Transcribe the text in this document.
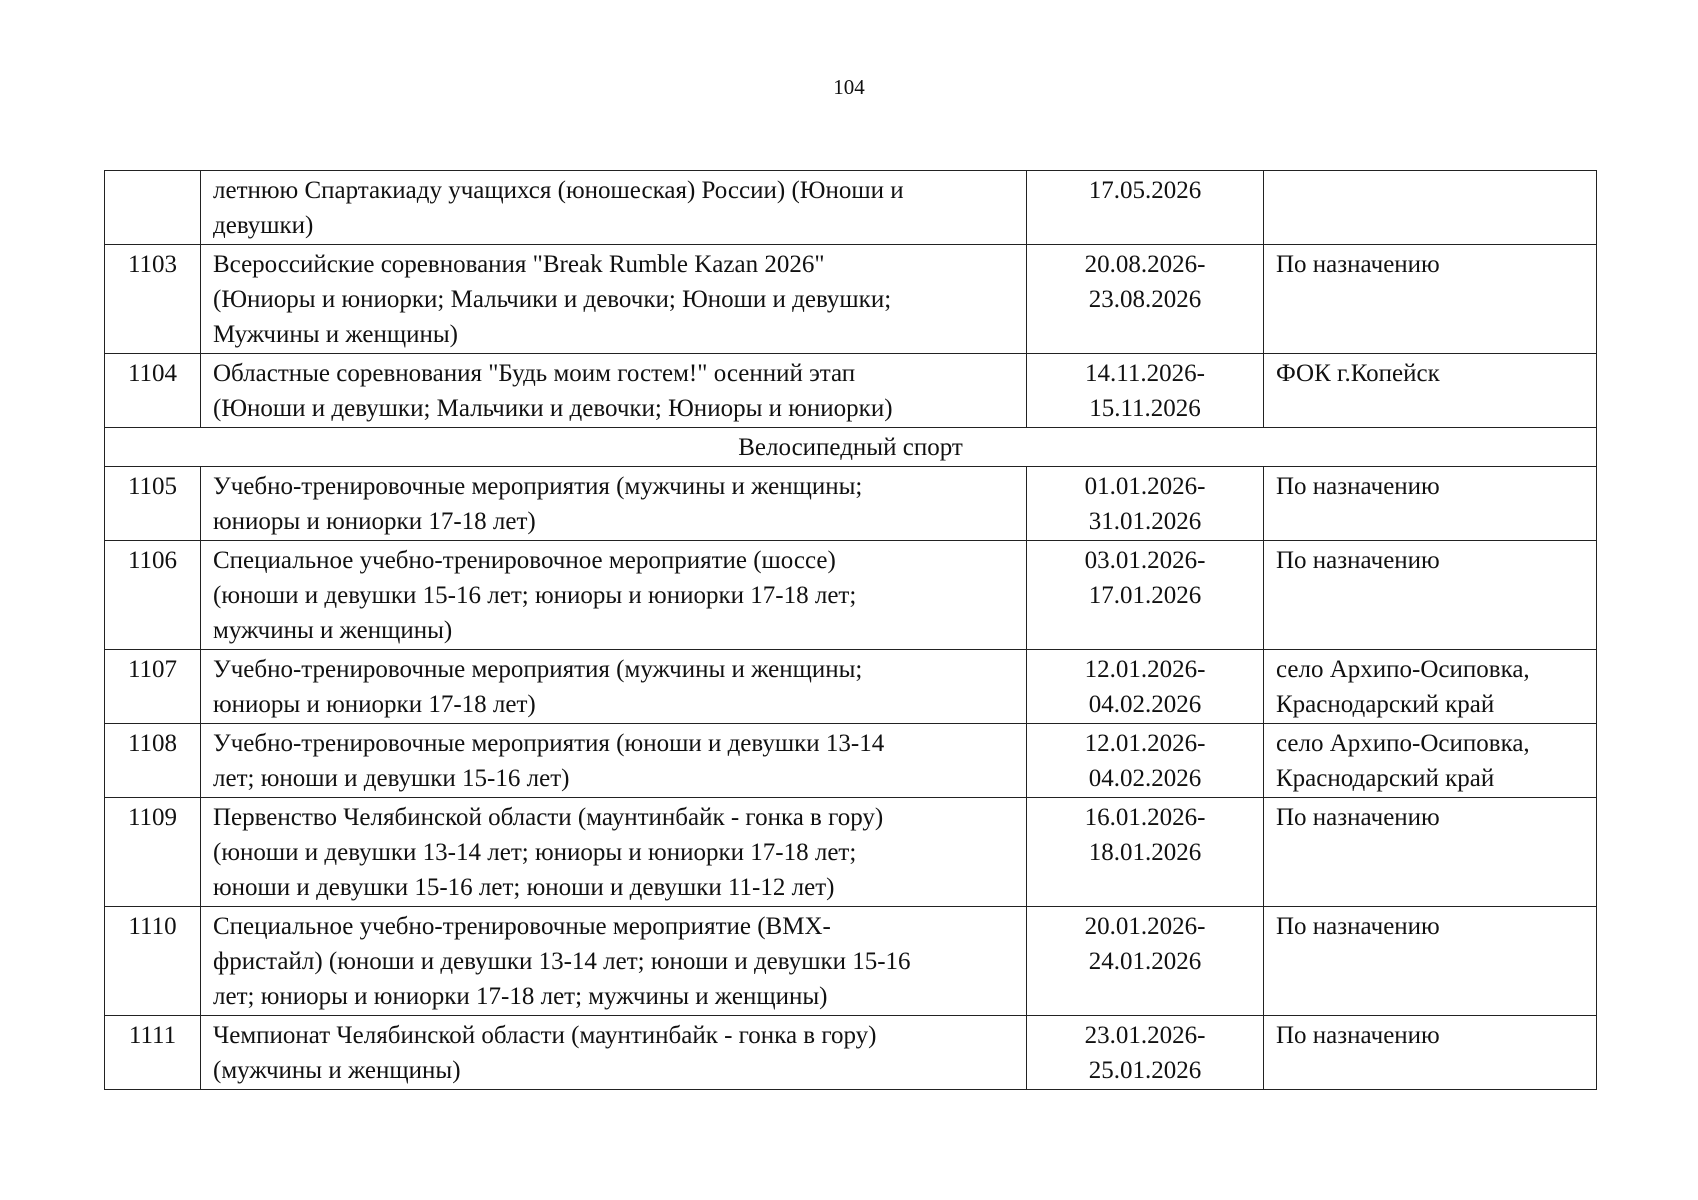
104

	летнюю Спартакиаду учащихся (юношеская) России) (Юноши и
девушки)	17.05.2026	

1103	Всероссийские соревнования "Break Rumble Kazan 2026"
(Юниоры и юниорки; Мальчики и девочки; Юноши и девушки;
Мужчины и женщины)	20.08.2026-
23.08.2026	По назначению

1104	Областные соревнования "Будь моим гостем!" осенний этап
(Юноши и девушки; Мальчики и девочки; Юниоры и юниорки)	14.11.2026-
15.11.2026	ФОК г.Копейск

Велосипедный спорт			
1105	Учебно-тренировочные мероприятия (мужчины и женщины;
юниоры и юниорки 17-18 лет)	01.01.2026-
31.01.2026	По назначению

1106	Специальное учебно-тренировочное мероприятие (шоссе)
(юноши и девушки 15-16 лет; юниоры и юниорки 17-18 лет;
мужчины и женщины)	03.01.2026-
17.01.2026	По назначению

1107	Учебно-тренировочные мероприятия (мужчины и женщины;
юниоры и юниорки 17-18 лет)	12.01.2026-
04.02.2026	село Архипо-Осиповка,
Краснодарский край

1108	Учебно-тренировочные мероприятия (юноши и девушки 13-14
лет; юноши и девушки 15-16 лет)	12.01.2026-
04.02.2026	село Архипо-Осиповка,
Краснодарский край

1109	Первенство Челябинской области (маунтинбайк - гонка в гору)
(юноши и девушки 13-14 лет; юниоры и юниорки 17-18 лет;
юноши и девушки 15-16 лет; юноши и девушки 11-12 лет)	16.01.2026-
18.01.2026	По назначению

1110	Специальное учебно-тренировочные мероприятие (BMX-
фристайл) (юноши и девушки 13-14 лет; юноши и девушки 15-16
лет; юниоры и юниорки 17-18 лет; мужчины и женщины)	20.01.2026-
24.01.2026	По назначению

1111	Чемпионат Челябинской области (маунтинбайк - гонка в гору)
(мужчины и женщины)	23.01.2026-
25.01.2026	По назначению
